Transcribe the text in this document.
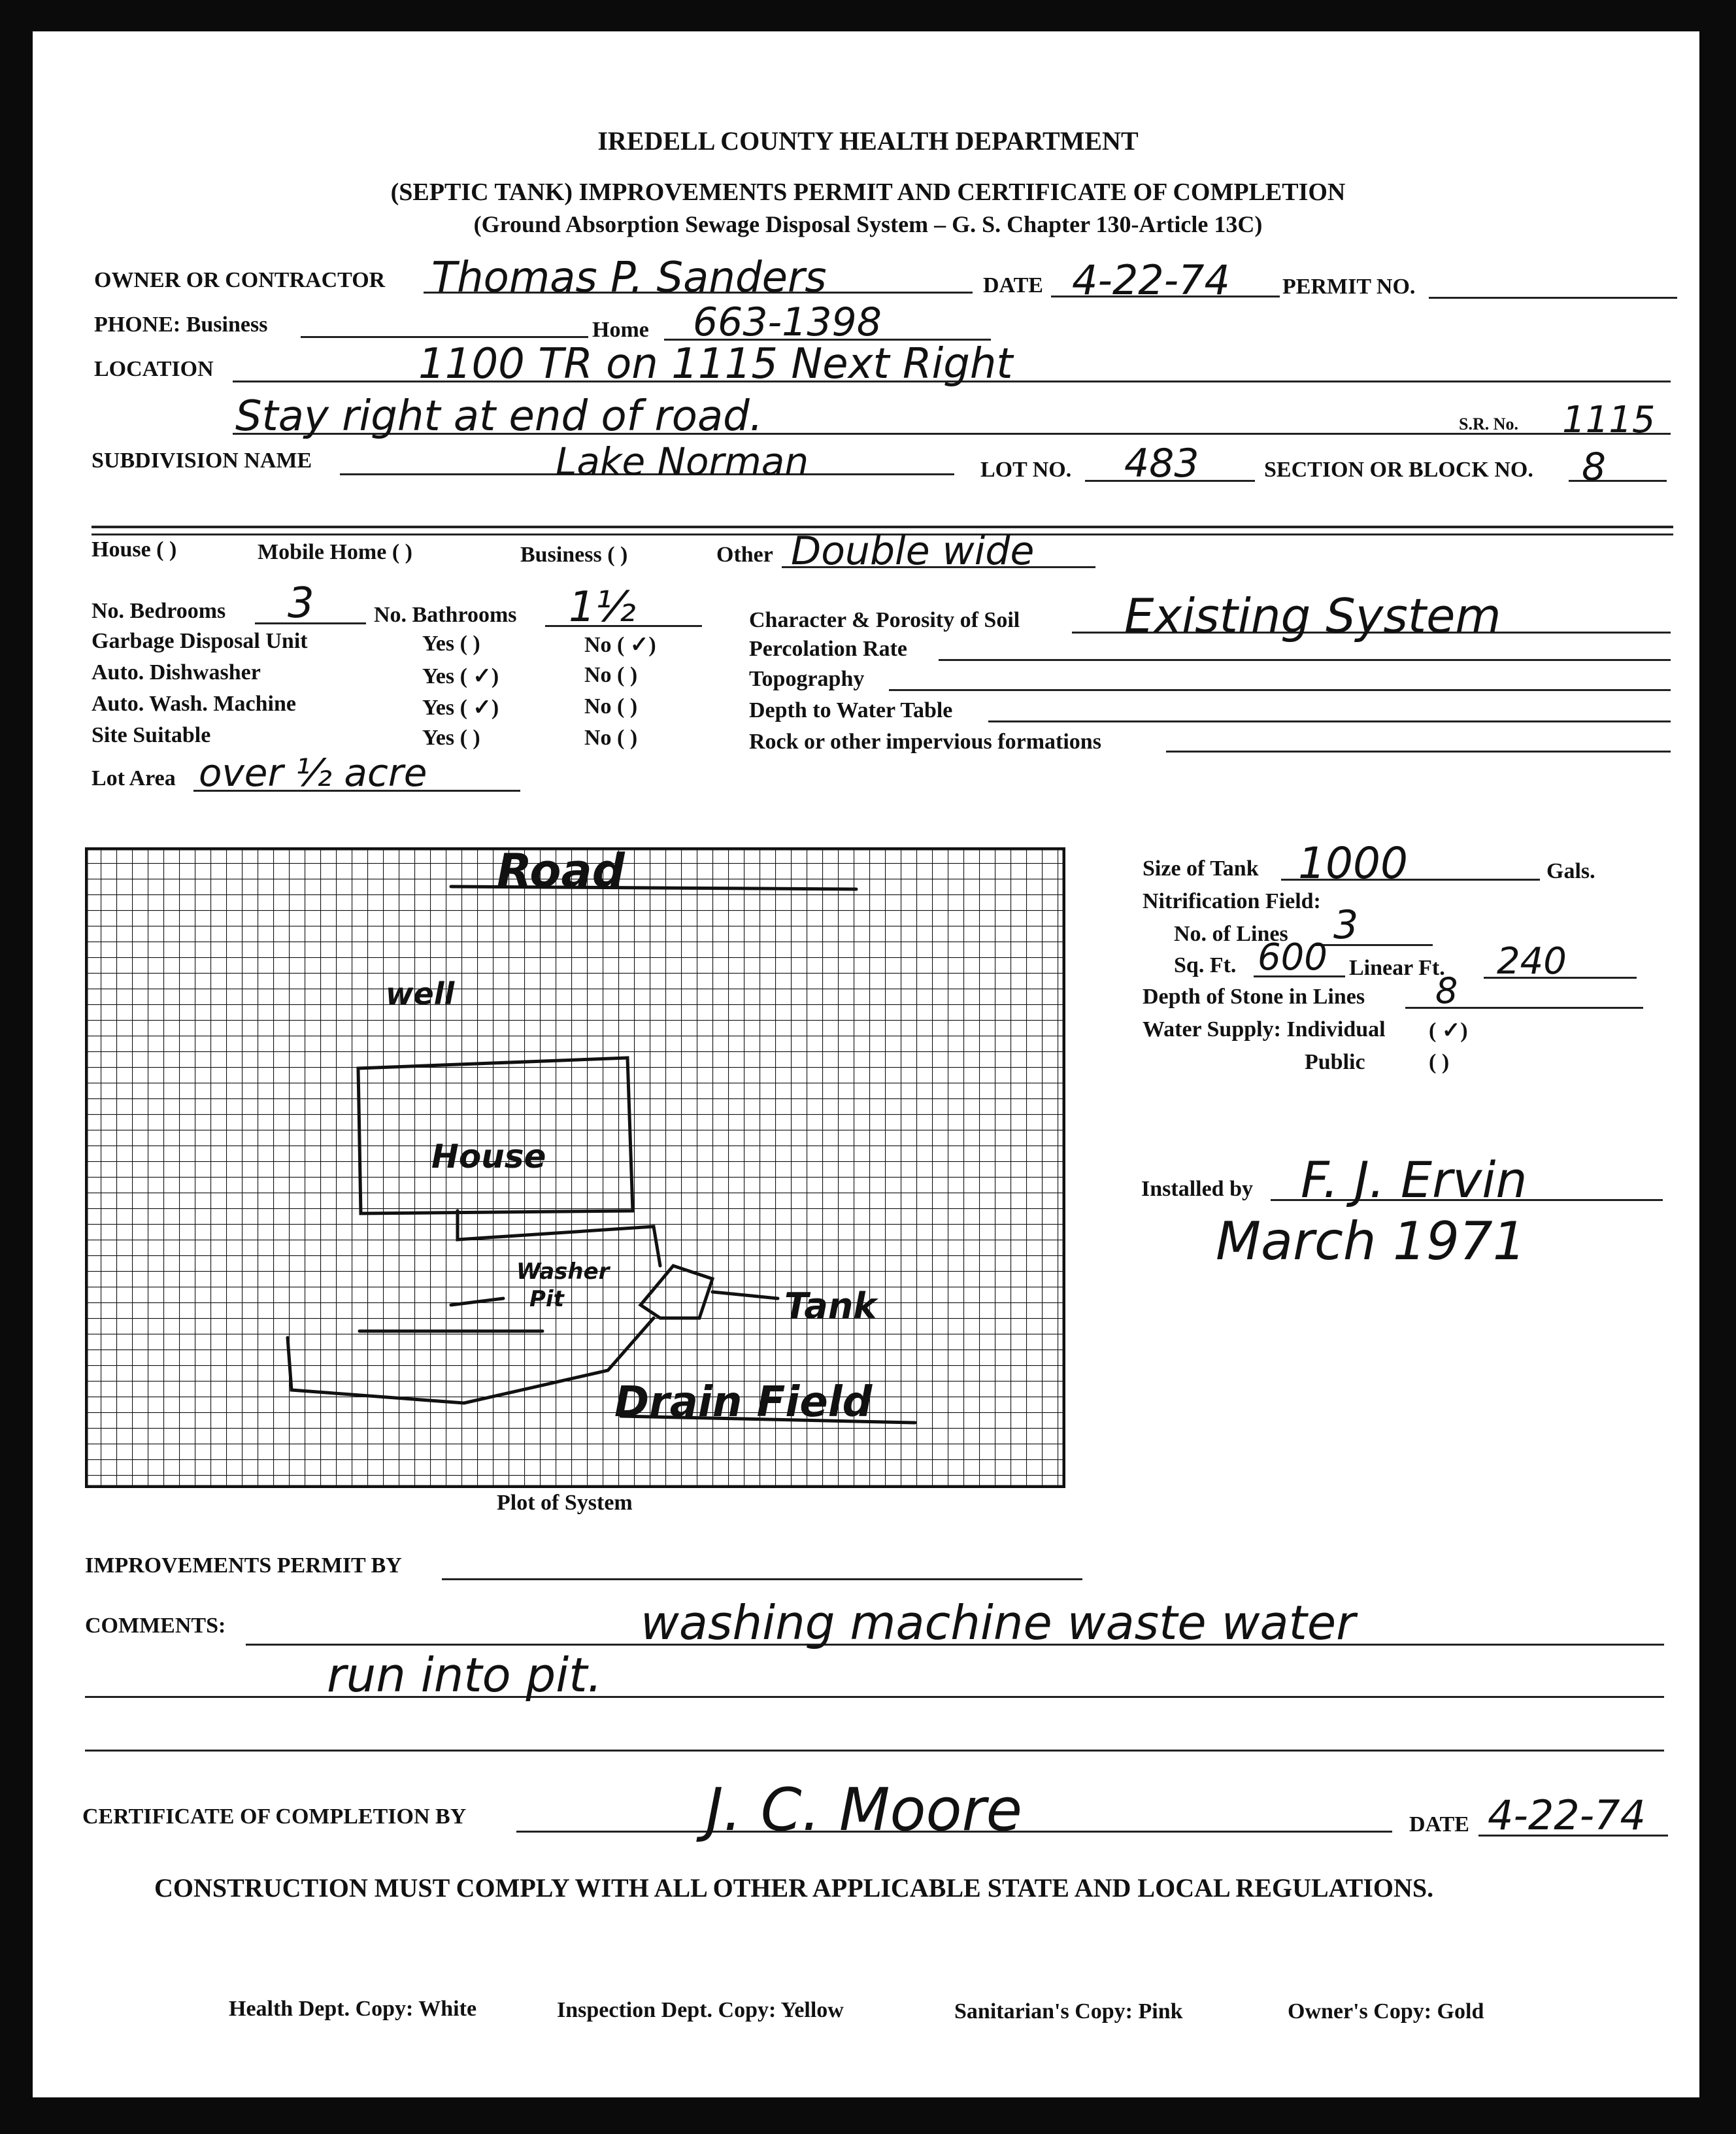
IREDELL COUNTY HEALTH DEPARTMENT
(SEPTIC TANK) IMPROVEMENTS PERMIT AND CERTIFICATE OF COMPLETION
(Ground Absorption Sewage Disposal System – G. S. Chapter 130-Article 13C)
OWNER OR CONTRACTOR Thomas P. Sanders	DATE 4-22-74 PERMIT NO.
PHONE: Business	Home 663-1398
LOCATION	1100 TR on 1115 Next Right
Stay right at end of road.	S.R. No. 1115
SUBDIVISION NAME	Lake Norman	LOT NO. 483	SECTION OR BLOCK NO. 8
House ( )	Mobile Home ( )	Business ( )	Other Double wide
No. Bedrooms 3	No. Bathrooms 1½
Garbage Disposal Unit	Yes ( )	No ( ✓)
Auto. Dishwasher	Yes ( ✓)	No ( )
Auto. Wash. Machine	Yes ( ✓)	No ( )
Site Suitable	Yes ( )	No ( )
Character & Porosity of Soil Existing System
Percolation Rate
Topography
Depth to Water Table
Rock or other impervious formations
Lot Area over ½ acre
Road
well
House
Washer
Pit	Tank
Drain Field
Plot of System
Size of Tank 1000	Gals.
Nitrification Field:
No. of Lines 3
Sq. Ft. 600 Linear Ft. 240
Depth of Stone in Lines 8
Water Supply: Individual ( ✓)
Public	( )
Installed by F. J. Ervin
March 1971
IMPROVEMENTS PERMIT BY
COMMENTS:	washing machine waste water
run into pit.
CERTIFICATE OF COMPLETION BY	J. C. Moore	DATE 4-22-74
CONSTRUCTION MUST COMPLY WITH ALL OTHER APPLICABLE STATE AND LOCAL REGULATIONS.
Health Dept. Copy: White	Inspection Dept. Copy: Yellow	Sanitarian's Copy: Pink	Owner's Copy: Gold
